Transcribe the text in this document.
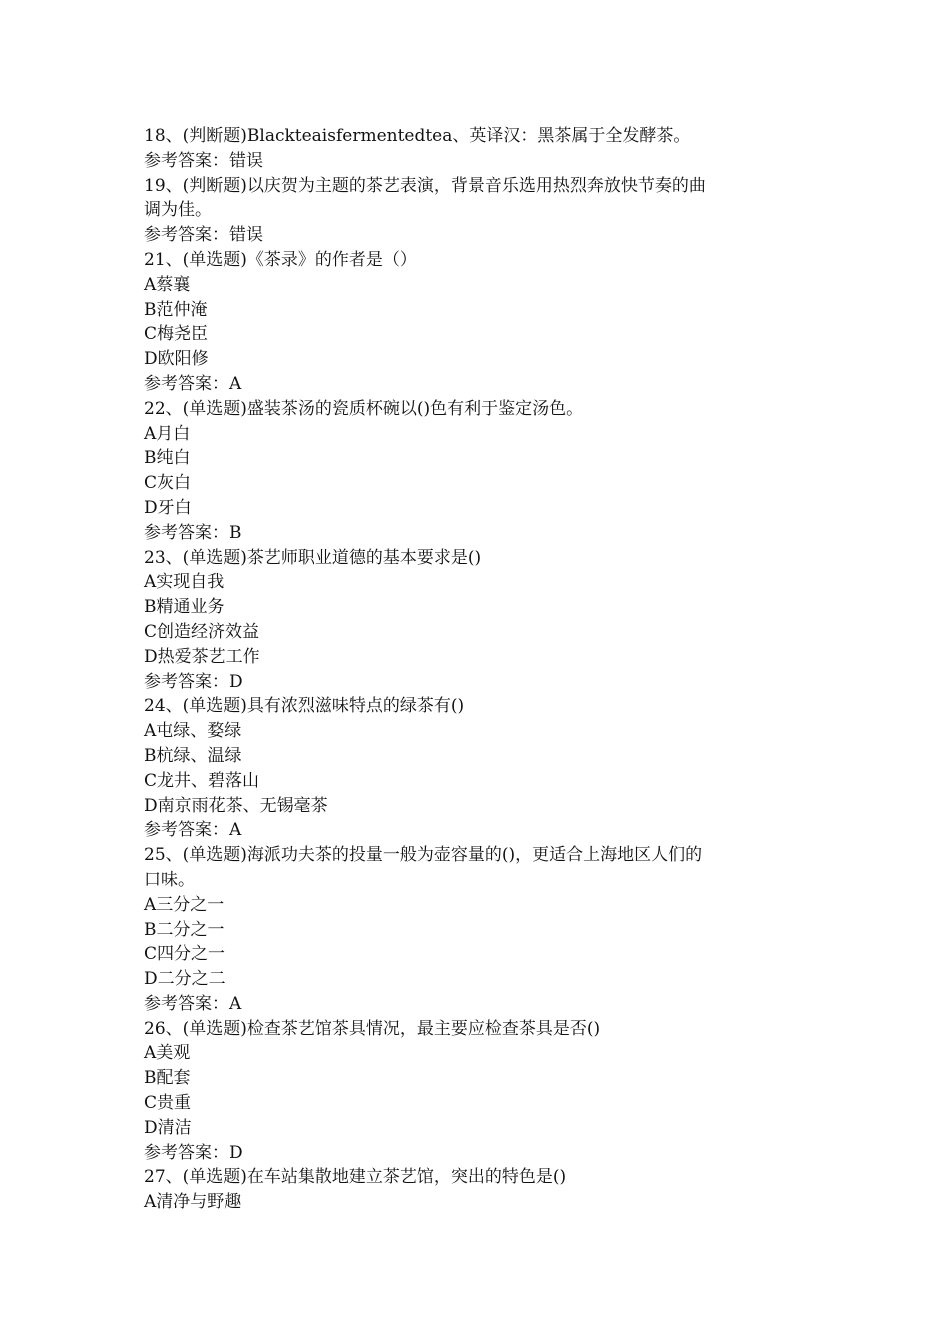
18、(判断题)Blackteaisfermentedtea、英译汉：黑茶属于全发酵茶。
参考答案：错误
19、(判断题)以庆贺为主题的茶艺表演，背景音乐选用热烈奔放快节奏的曲
调为佳。
参考答案：错误
21、(单选题)《茶录》的作者是（）
A蔡襄
B范仲淹
C梅尧臣
D欧阳修
参考答案：A
22、(单选题)盛装茶汤的瓷质杯碗以()色有利于鉴定汤色。
A月白
B纯白
C灰白
D牙白
参考答案：B
23、(单选题)茶艺师职业道德的基本要求是()
A实现自我
B精通业务
C创造经济效益
D热爱茶艺工作
参考答案：D
24、(单选题)具有浓烈滋味特点的绿茶有()
A屯绿、婺绿
B杭绿、温绿
C龙井、碧落山
D南京雨花茶、无锡毫茶
参考答案：A
25、(单选题)海派功夫茶的投量一般为壶容量的()，更适合上海地区人们的
口味。
A三分之一
B二分之一
C四分之一
D二分之二
参考答案：A
26、(单选题)检查茶艺馆茶具情况，最主要应检查茶具是否()
A美观
B配套
C贵重
D清洁
参考答案：D
27、(单选题)在车站集散地建立茶艺馆，突出的特色是()
A清净与野趣
